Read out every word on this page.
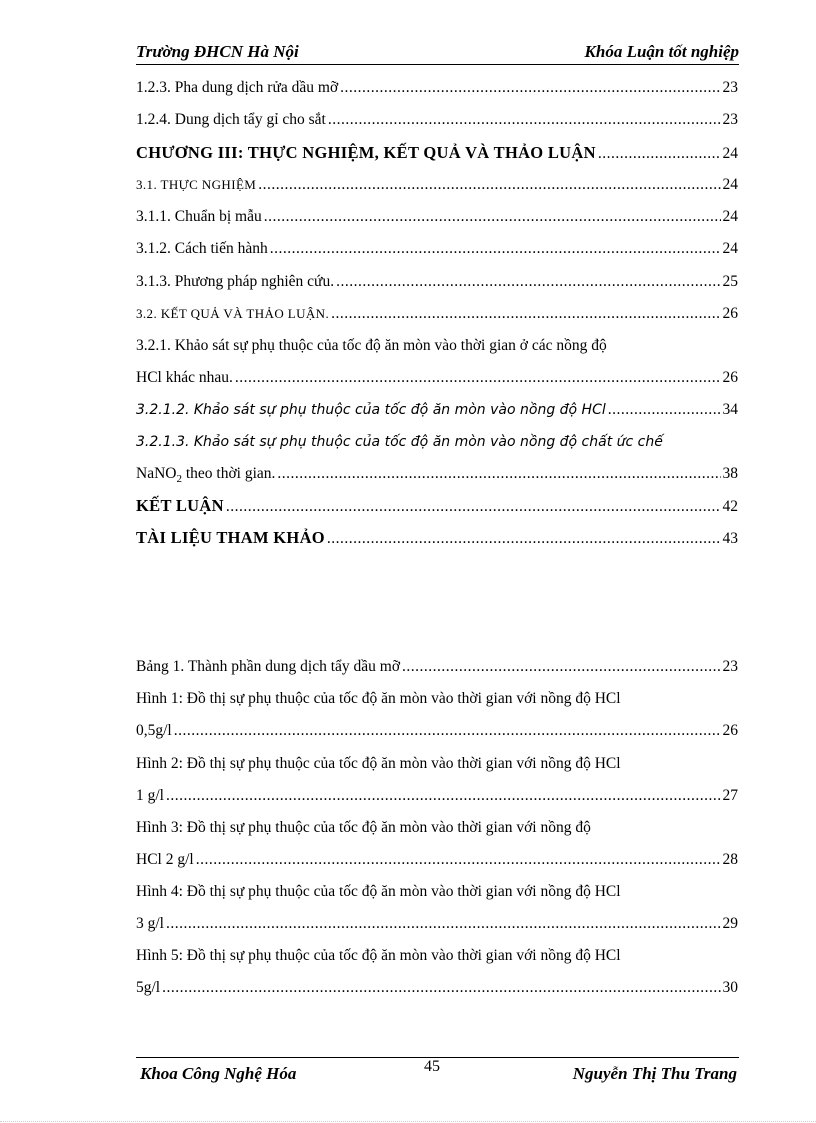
Trường ĐHCN Hà Nội	Khóa Luận tốt nghiệp
1.2.3. Pha dung dịch rửa dầu mỡ .....	23
1.2.4. Dung dịch tẩy gỉ cho sắt .....	23
CHƯƠNG III: THỰC NGHIỆM, KẾT QUẢ VÀ THẢO LUẬN .....	24
3.1. THỰC NGHIỆM .....	24
3.1.1. Chuẩn bị mẫu .....	24
3.1.2. Cách tiến hành .....	24
3.1.3. Phương pháp nghiên cứu. .....	25
3.2. KẾT QUẢ VÀ THẢO LUẬN. .....	26
3.2.1. Khảo sát sự phụ thuộc của tốc độ ăn mòn vào thời gian ở các nồng độ
HCl khác nhau. .....	26
3.2.1.2. Khảo sát sự phụ thuộc của tốc độ ăn mòn vào nồng độ HCl .....	34
3.2.1.3. Khảo sát sự phụ thuộc của tốc độ ăn mòn vào nồng độ chất ức chế
NaNO$_2$ theo thời gian. .....	38
KẾT LUẬN .....	42
TÀI LIỆU THAM KHẢO .....	43
Bảng 1. Thành phần dung dịch tẩy dầu mỡ .....	23
Hình 1: Đồ thị sự phụ thuộc của tốc độ ăn mòn vào thời gian với nồng độ HCl
0,5g/l .....	26
Hình 2: Đồ thị sự phụ thuộc của tốc độ ăn mòn vào thời gian với nồng độ HCl
1 g/l .....	27
Hình 3: Đồ thị sự phụ thuộc của tốc độ ăn mòn vào thời gian với nồng độ
HCl 2 g/l .....	28
Hình 4: Đồ thị sự phụ thuộc của tốc độ ăn mòn vào thời gian với nồng độ HCl
3 g/l .....	29
Hình 5: Đồ thị sự phụ thuộc của tốc độ ăn mòn vào thời gian với nồng độ HCl
5g/l .....	30
Khoa Công Nghệ Hóa	45	Nguyễn Thị Thu Trang
